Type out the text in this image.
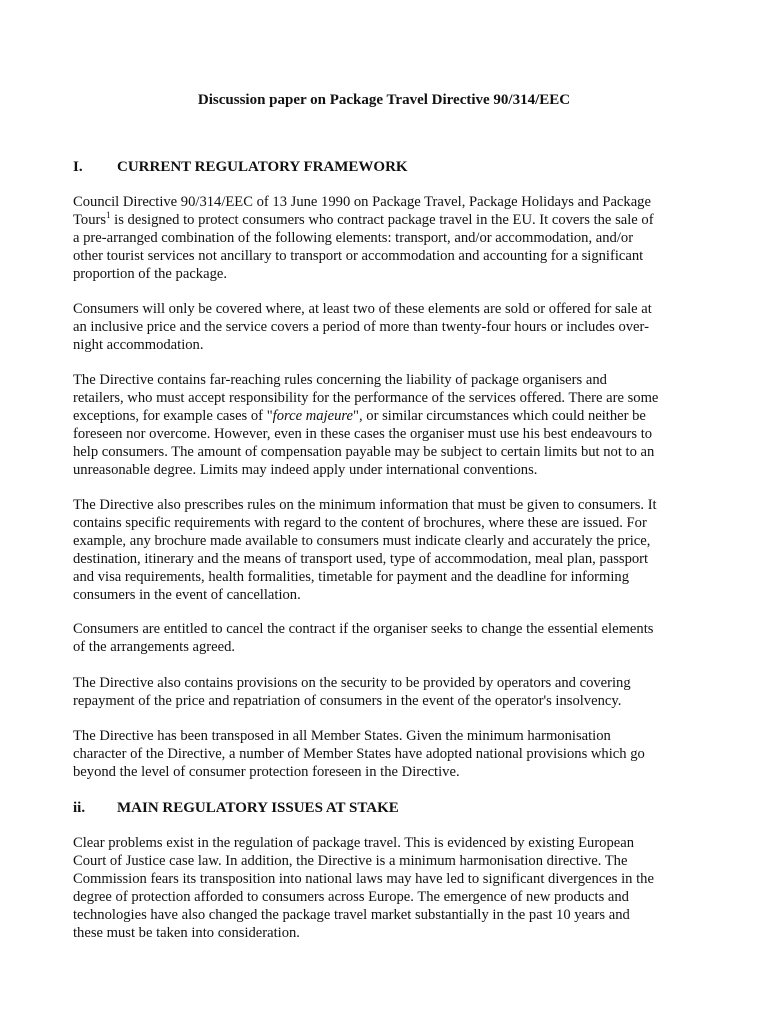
Discussion paper on Package Travel Directive 90/314/EEC
I.	CURRENT REGULATORY FRAMEWORK

Council Directive 90/314/EEC of 13 June 1990 on Package Travel, Package Holidays and Package
Tours$^1$ is designed to protect consumers who contract package travel in the EU. It covers the sale of
a pre-arranged combination of the following elements: transport, and/or accommodation, and/or
other tourist services not ancillary to transport or accommodation and accounting for a significant
proportion of the package.

Consumers will only be covered where, at least two of these elements are sold or offered for sale at
an inclusive price and the service covers a period of more than twenty-four hours or includes over-
night accommodation.

The Directive contains far-reaching rules concerning the liability of package organisers and
retailers, who must accept responsibility for the performance of the services offered. There are some
exceptions, for example cases of "force majeure", or similar circumstances which could neither be
foreseen nor overcome. However, even in these cases the organiser must use his best endeavours to
help consumers. The amount of compensation payable may be subject to certain limits but not to an
unreasonable degree. Limits may indeed apply under international conventions.

The Directive also prescribes rules on the minimum information that must be given to consumers. It
contains specific requirements with regard to the content of brochures, where these are issued. For
example, any brochure made available to consumers must indicate clearly and accurately the price,
destination, itinerary and the means of transport used, type of accommodation, meal plan, passport
and visa requirements, health formalities, timetable for payment and the deadline for informing
consumers in the event of cancellation.

Consumers are entitled to cancel the contract if the organiser seeks to change the essential elements
of the arrangements agreed.

The Directive also contains provisions on the security to be provided by operators and covering
repayment of the price and repatriation of consumers in the event of the operator's insolvency.

The Directive has been transposed in all Member States. Given the minimum harmonisation
character of the Directive, a number of Member States have adopted national provisions which go
beyond the level of consumer protection foreseen in the Directive.

ii.	MAIN REGULATORY ISSUES AT STAKE

Clear problems exist in the regulation of package travel. This is evidenced by existing European
Court of Justice case law. In addition, the Directive is a minimum harmonisation directive. The
Commission fears its transposition into national laws may have led to significant divergences in the
degree of protection afforded to consumers across Europe. The emergence of new products and
technologies have also changed the package travel market substantially in the past 10 years and
these must be taken into consideration.
